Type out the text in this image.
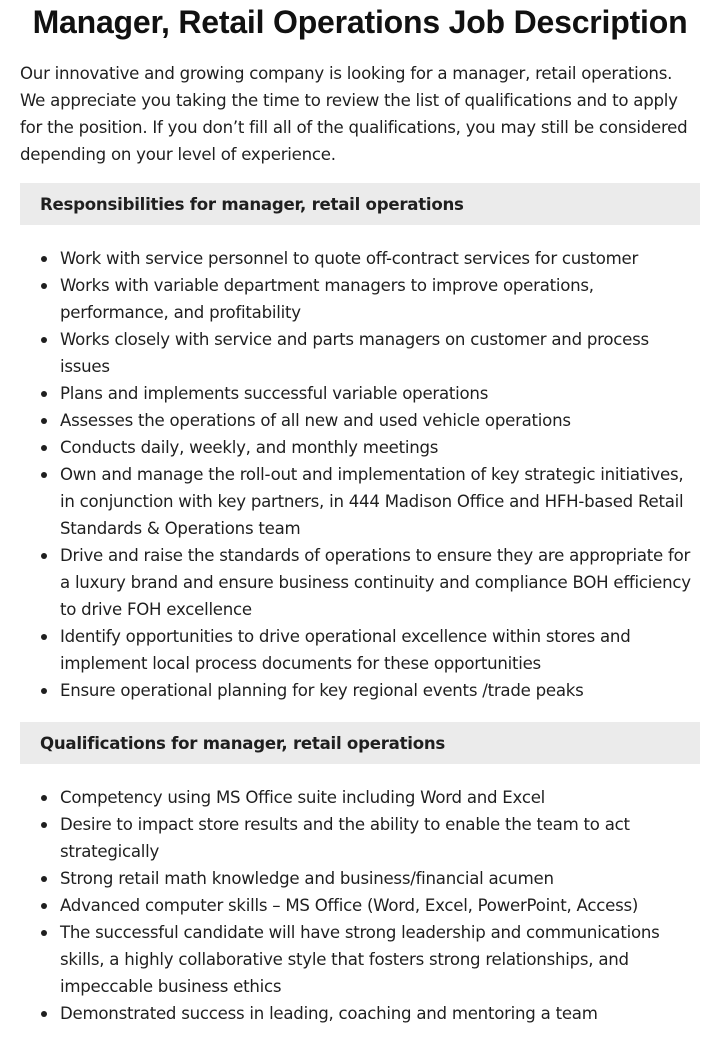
Manager, Retail Operations Job Description

Our innovative and growing company is looking for a manager, retail operations. We appreciate you taking the time to review the list of qualifications and to apply for the position. If you don’t fill all of the qualifications, you may still be considered depending on your level of experience.

Responsibilities for manager, retail operations
Work with service personnel to quote off-contract services for customer
Works with variable department managers to improve operations, performance, and profitability
Works closely with service and parts managers on customer and process issues
Plans and implements successful variable operations
Assesses the operations of all new and used vehicle operations
Conducts daily, weekly, and monthly meetings
Own and manage the roll-out and implementation of key strategic initiatives, in conjunction with key partners, in 444 Madison Office and HFH-based Retail Standards & Operations team
Drive and raise the standards of operations to ensure they are appropriate for a luxury brand and ensure business continuity and compliance BOH efficiency to drive FOH excellence
Identify opportunities to drive operational excellence within stores and implement local process documents for these opportunities
Ensure operational planning for key regional events /trade peaks
Qualifications for manager, retail operations
Competency using MS Office suite including Word and Excel
Desire to impact store results and the ability to enable the team to act strategically
Strong retail math knowledge and business/financial acumen
Advanced computer skills – MS Office (Word, Excel, PowerPoint, Access)
The successful candidate will have strong leadership and communications skills, a highly collaborative style that fosters strong relationships, and impeccable business ethics
Demonstrated success in leading, coaching and mentoring a team
